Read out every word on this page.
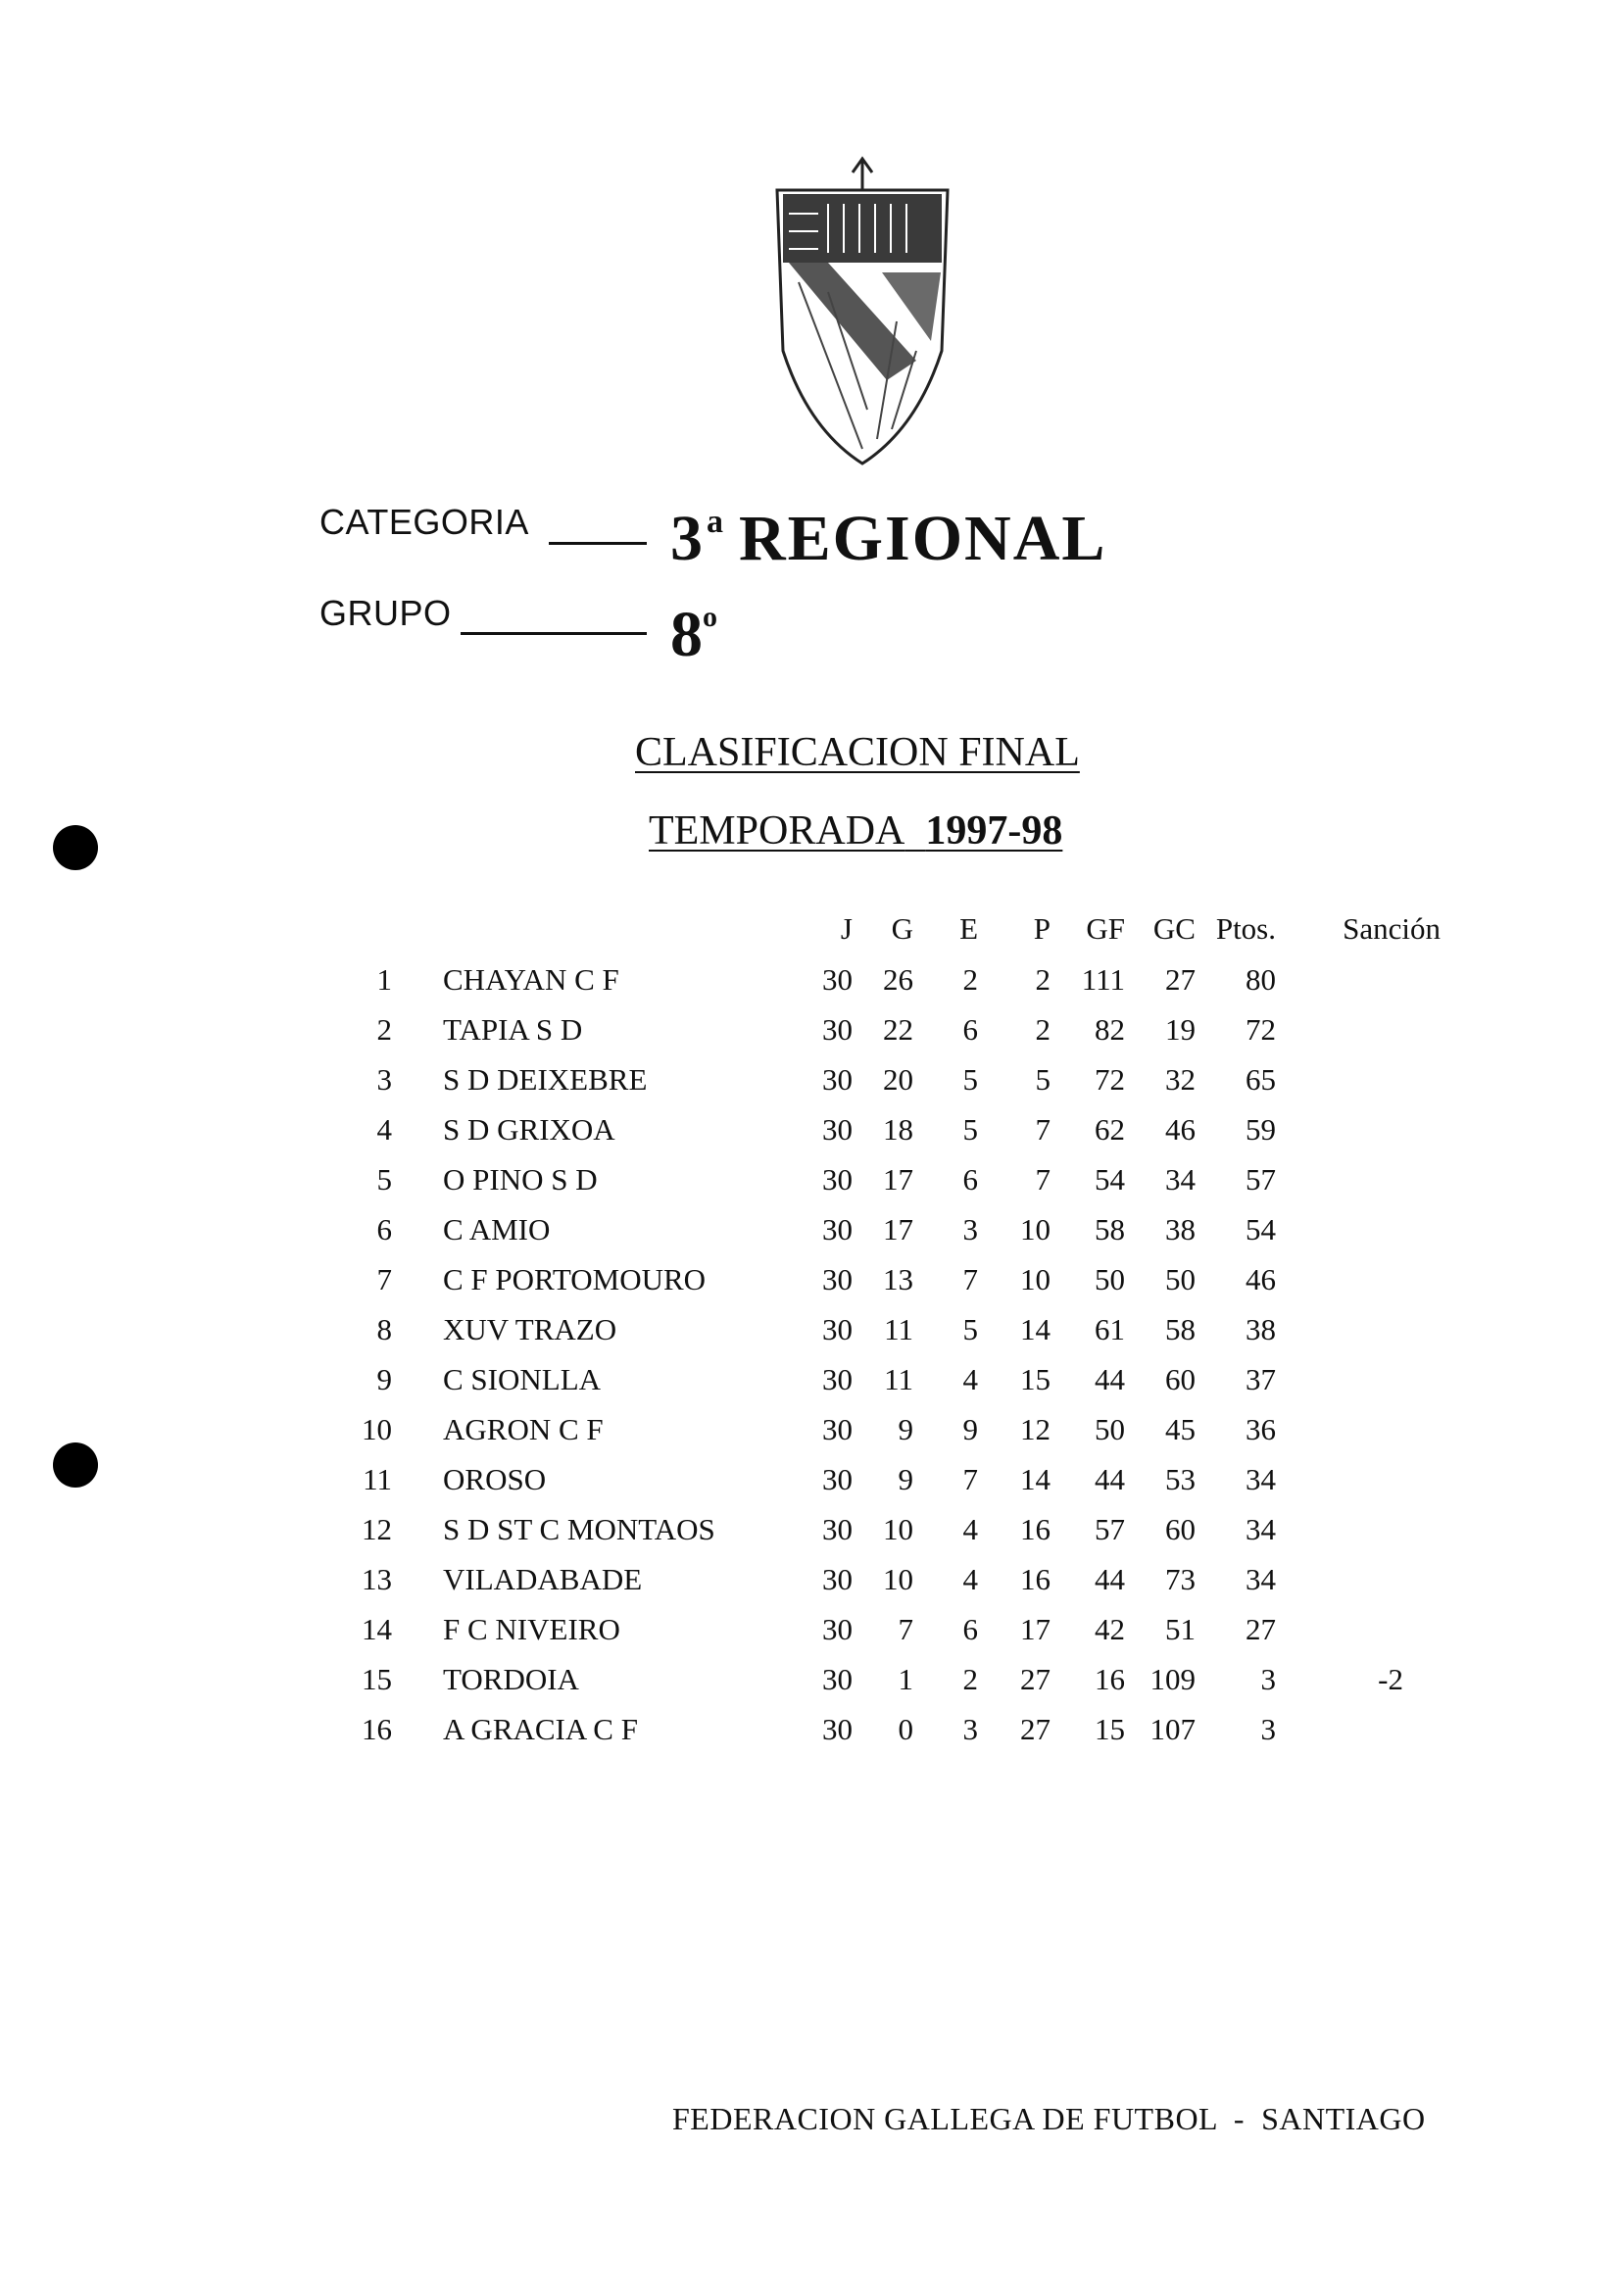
CATEGORIA 3$^a$ REGIONAL
GRUPO	8$^o$
CLASIFICACION FINAL
TEMPORADA 1997-98
		J	G	E	P	GF	GC	Ptos.	Sanción
1	CHAYAN C F	30	26	2	2	111	27	80	
2	TAPIA S D	30	22	6	2	82	19	72	
3	S D DEIXEBRE	30	20	5	5	72	32	65	
4	S D GRIXOA	30	18	5	7	62	46	59	
5	O PINO S D	30	17	6	7	54	34	57	
6	C AMIO	30	17	3	10	58	38	54	
7	C F PORTOMOURO	30	13	7	10	50	50	46	
8	XUV TRAZO	30	11	5	14	61	58	38	
9	C SIONLLA	30	11	4	15	44	60	37	
10	AGRON C F	30	9	9	12	50	45	36	
11	OROSO	30	9	7	14	44	53	34	
12	S D ST C MONTAOS	30	10	4	16	57	60	34	
13	VILADABADE	30	10	4	16	44	73	34	
14	F C NIVEIRO	30	7	6	17	42	51	27	
15	TORDOIA	30	1	2	27	16	109	3	-2
16	A GRACIA C F	30	0	3	27	15	107	3	
FEDERACION GALLEGA DE FUTBOL  -  SANTIAGO
